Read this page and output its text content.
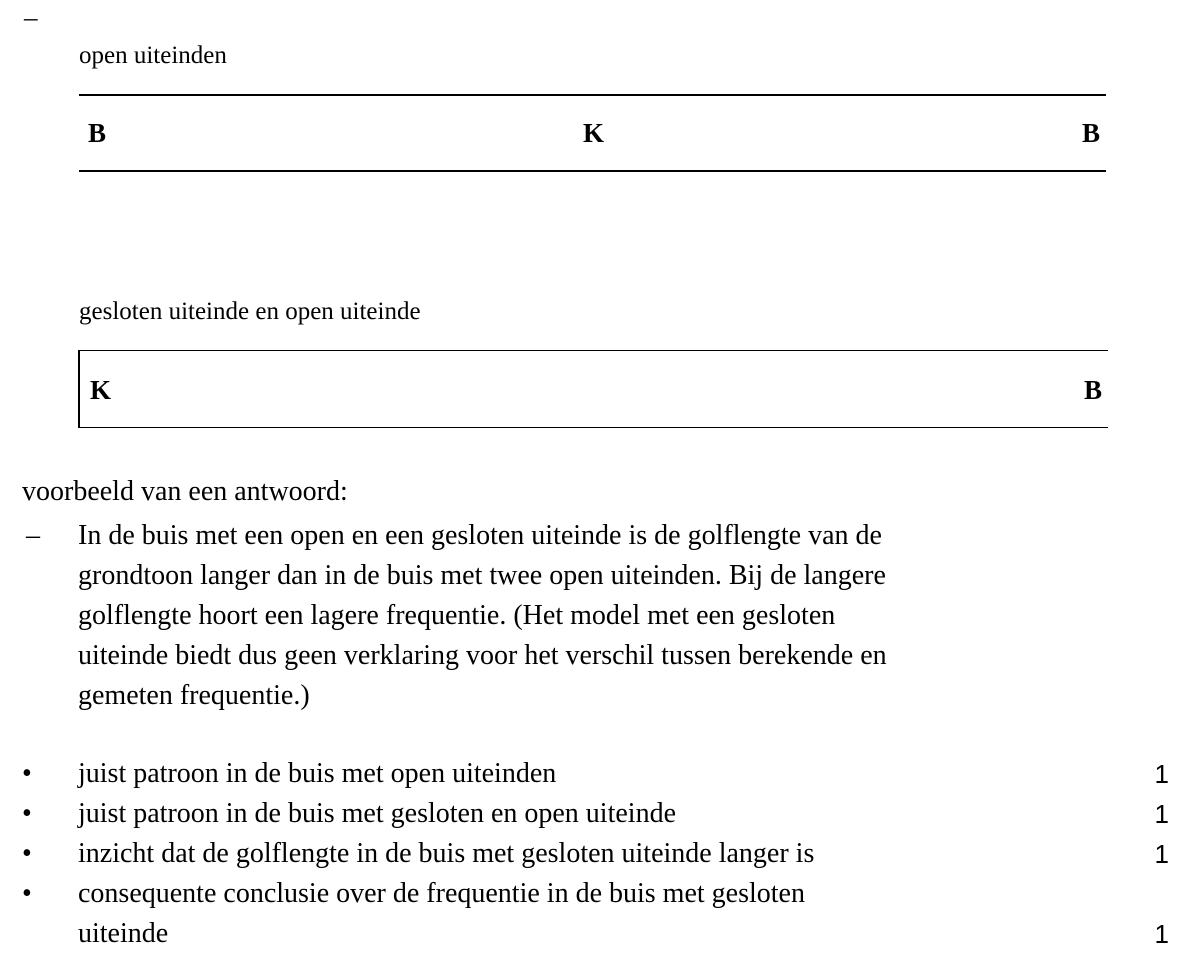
–
open uiteinden
B	K	B
gesloten uiteinde en open uiteinde
K	B
voorbeeld van een antwoord:
– In de buis met een open en een gesloten uiteinde is de golflengte van de
grondtoon langer dan in de buis met twee open uiteinden. Bij de langere
golflengte hoort een lagere frequentie. (Het model met een gesloten
uiteinde biedt dus geen verklaring voor het verschil tussen berekende en
gemeten frequentie.)
• juist patroon in de buis met open uiteinden	1
• juist patroon in de buis met gesloten en open uiteinde	1
• inzicht dat de golflengte in de buis met gesloten uiteinde langer is	1
• consequente conclusie over de frequentie in de buis met gesloten
uiteinde	1
